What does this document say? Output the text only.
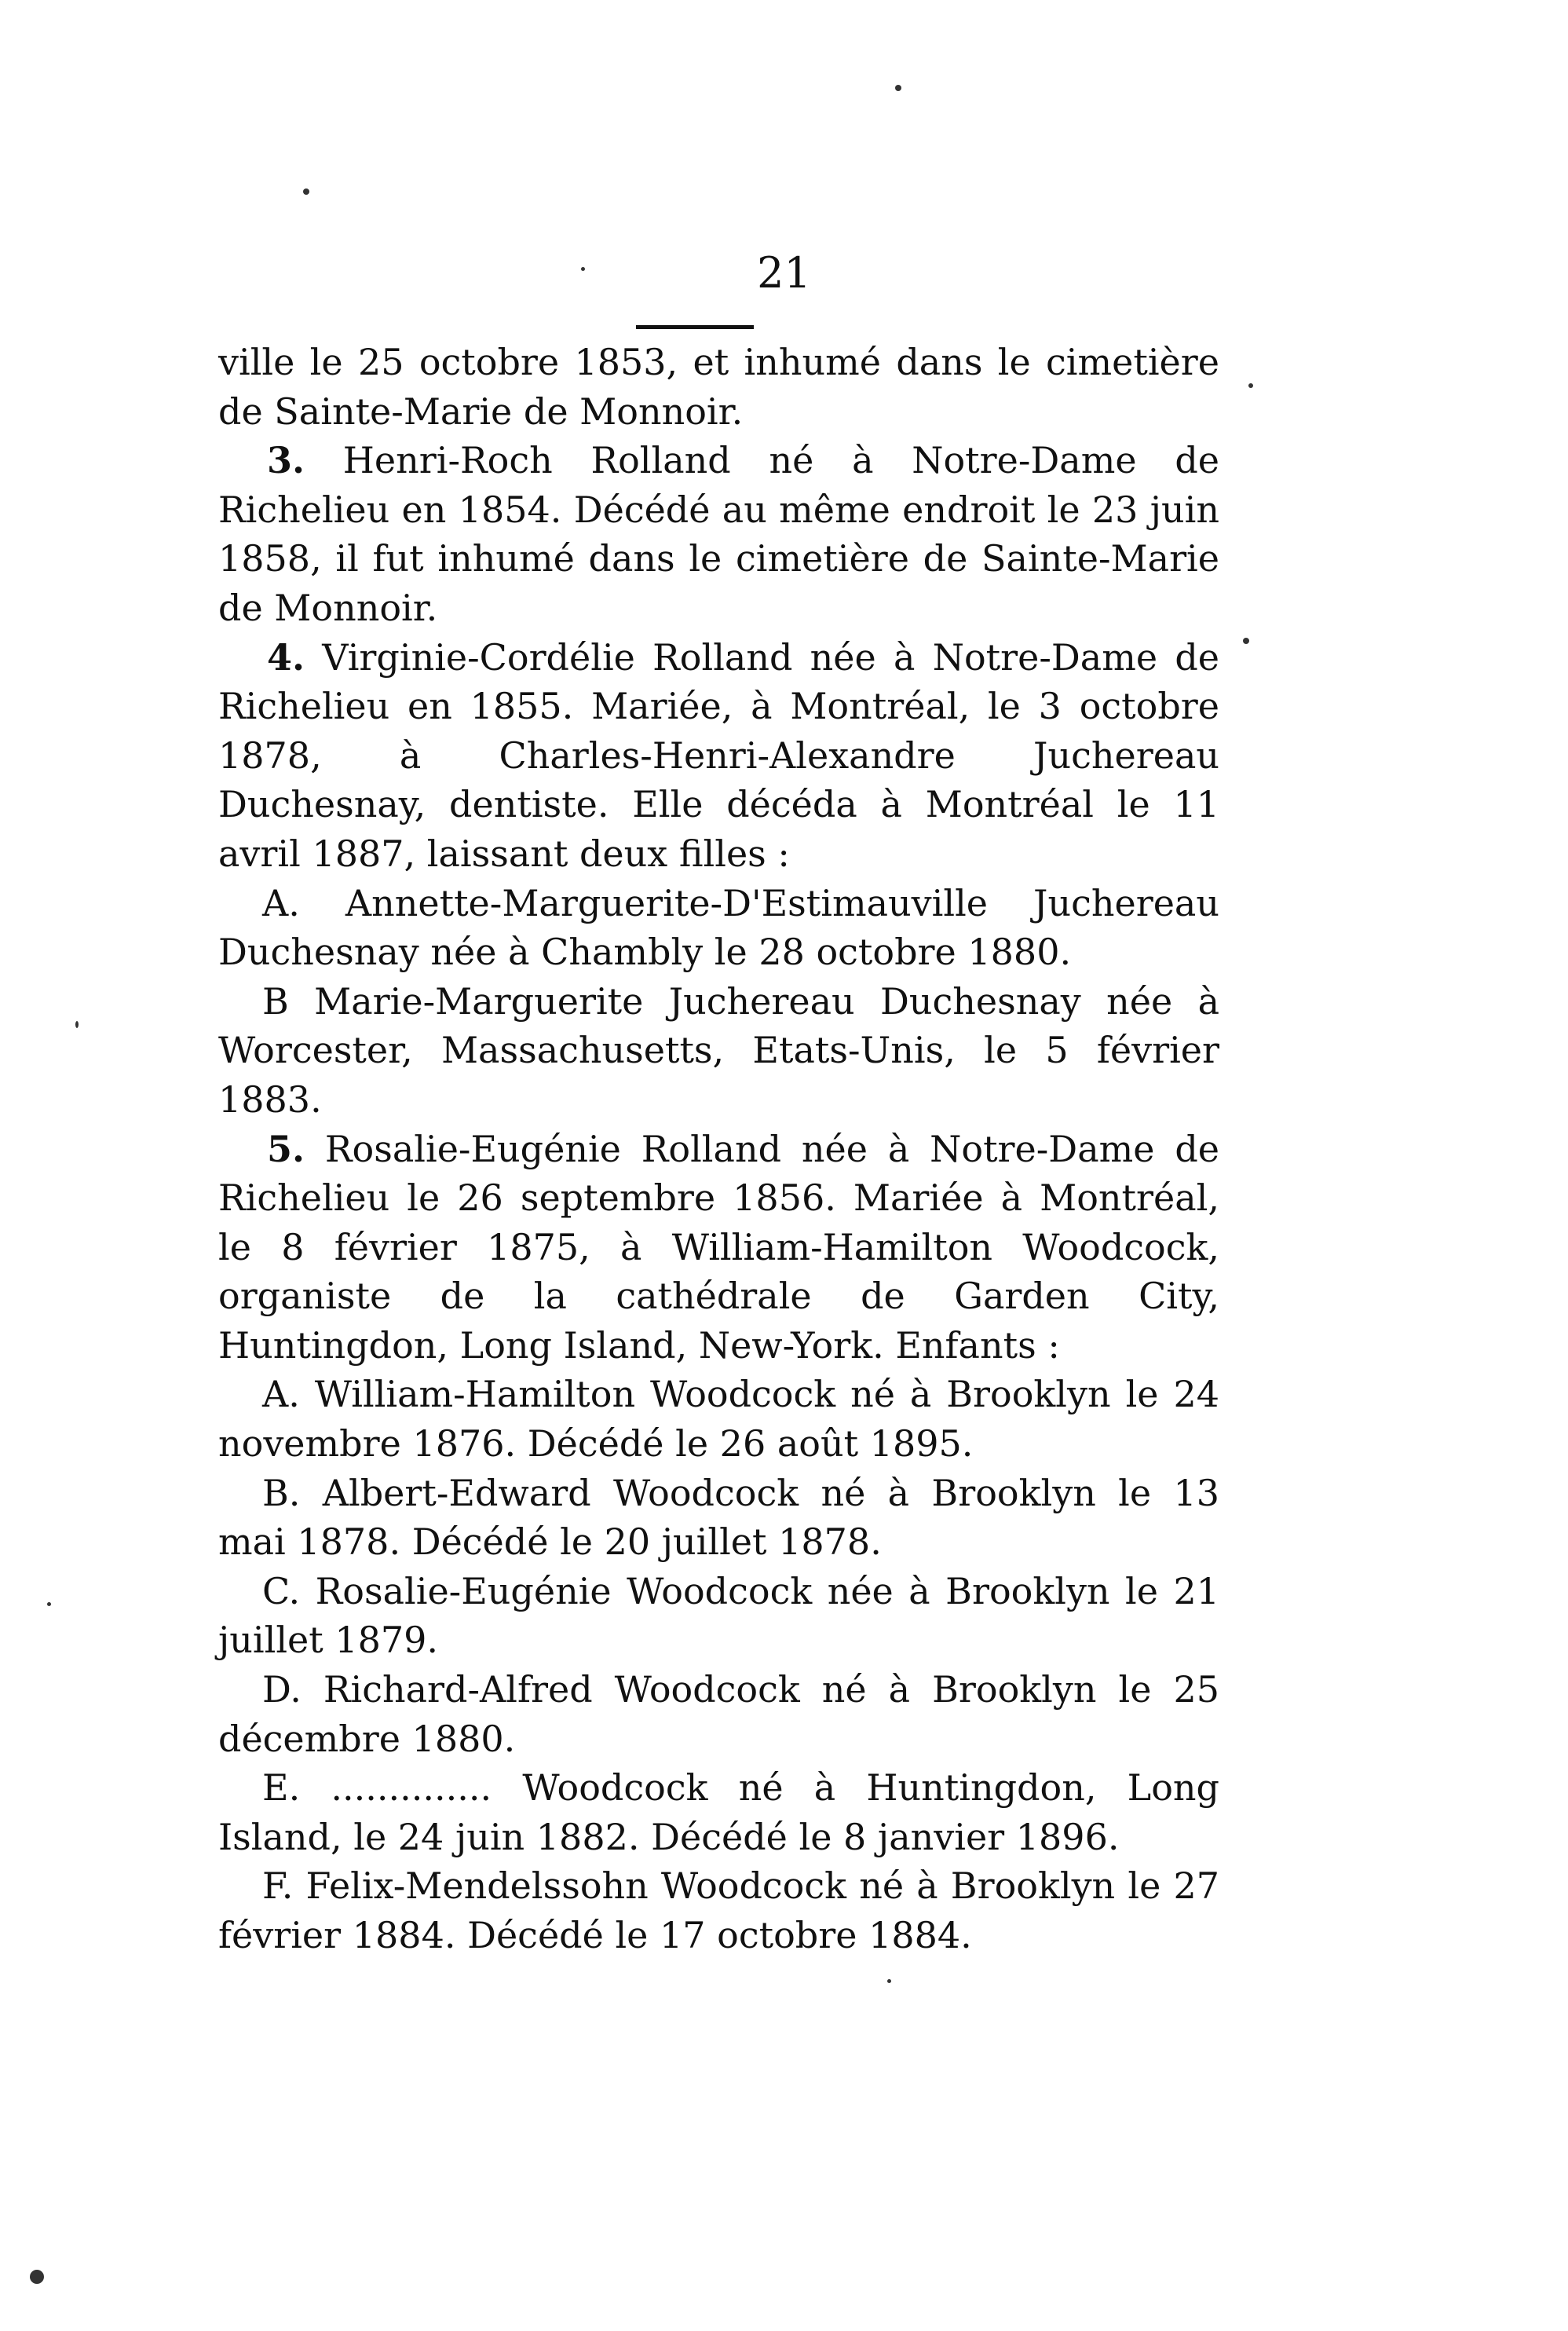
21

ville le 25 octobre 1853, et inhumé dans le cimetière de Sainte-Marie de Monnoir.

3. Henri-Roch Rolland né à Notre-Dame de Richelieu en 1854. Décédé au même endroit le 23 juin 1858, il fut inhumé dans le cimetière de Sainte-Marie de Monnoir.

4. Virginie-Cordélie Rolland née à Notre-Dame de Richelieu en 1855. Mariée, à Montréal, le 3 octobre 1878, à Charles-Henri-Alexandre Juchereau Duchesnay, dentiste. Elle décéda à Montréal le 11 avril 1887, laissant deux filles :

A. Annette-Marguerite-D'Estimauville Juchereau Duchesnay née à Chambly le 28 octobre 1880.

B Marie-Marguerite Juchereau Duchesnay née à Worcester, Massachusetts, Etats-Unis, le 5 février 1883.

5. Rosalie-Eugénie Rolland née à Notre-Dame de Richelieu le 26 septembre 1856. Mariée à Montréal, le 8 février 1875, à William-Hamilton Woodcock, organiste de la cathédrale de Garden City, Huntingdon, Long Island, New-York. Enfants :

A. William-Hamilton Woodcock né à Brooklyn le 24 novembre 1876. Décédé le 26 août 1895.

B. Albert-Edward Woodcock né à Brooklyn le 13 mai 1878. Décédé le 20 juillet 1878.

C. Rosalie-Eugénie Woodcock née à Brooklyn le 21 juillet 1879.

D. Richard-Alfred Woodcock né à Brooklyn le 25 décembre 1880.

E. .............. Woodcock né à Huntingdon, Long Island, le 24 juin 1882. Décédé le 8 janvier 1896.

F. Felix-Mendelssohn Woodcock né à Brooklyn le 27 février 1884. Décédé le 17 octobre 1884.
